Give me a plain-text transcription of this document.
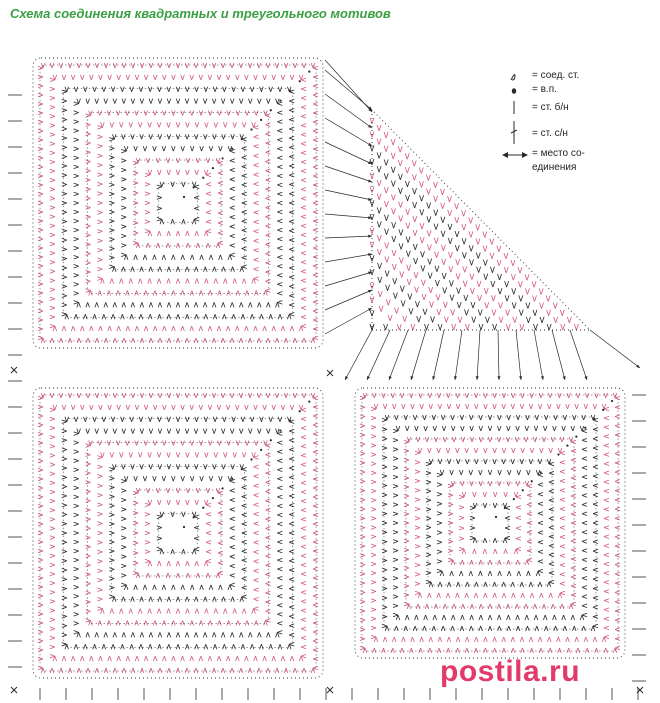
Схема соединения квадратных и треугольного мотивов
= соед. ст.
= в.п.
= ст. б/н
= ст. с/н
= место со-
единения
postila.ru
